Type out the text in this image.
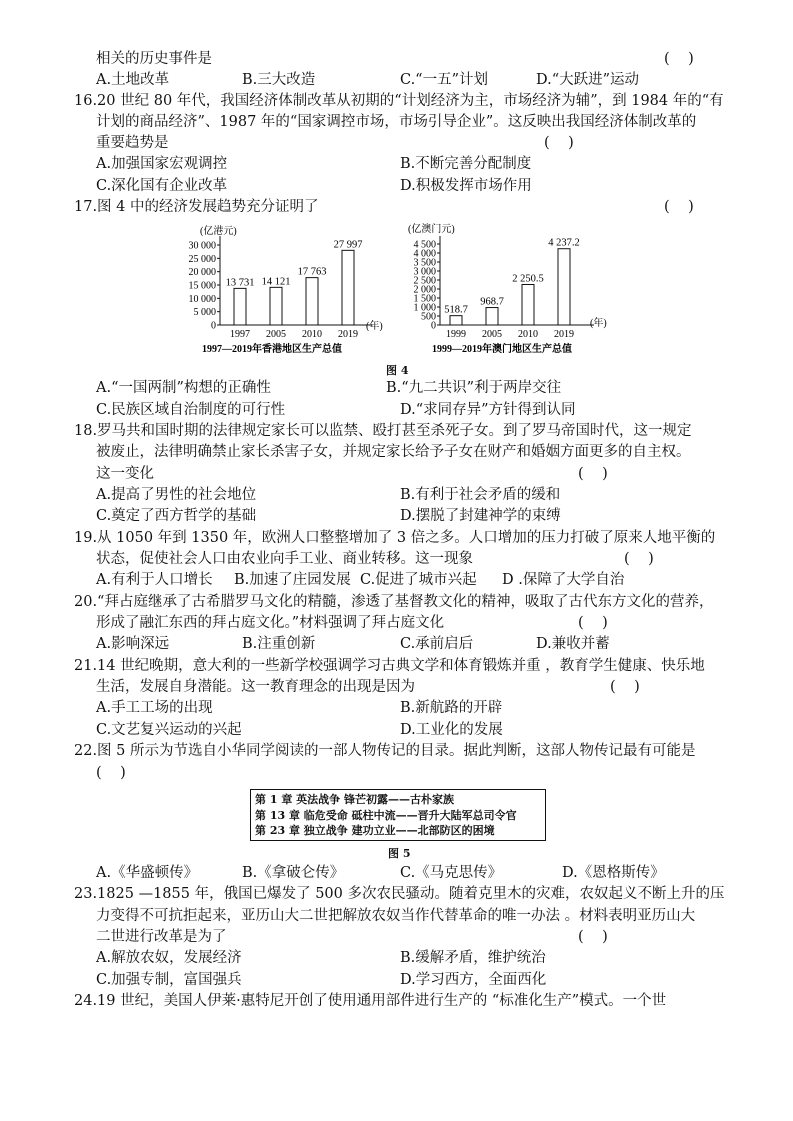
相关的历史事件是	(    )
A.土地改革	B.三大改造	C.“一五”计划	D.“大跃进”运动
16.20 世纪 80 年代，我国经济体制改革从初期的“计划经济为主，市场经济为辅”，到 1984 年的“有
计划的商品经济”、1987 年的“国家调控市场，市场引导企业”。这反映出我国经济体制改革的
重要趋势是	(    )
A.加强国家宏观调控	B.不断完善分配制度
C.深化国有企业改革	D.积极发挥市场作用
17.图 4 中的经济发展趋势充分证明了	(    )
(亿港元)
30 000
25 000
20 000
15 000
10 000
5 000
0
13 731
1997
14 121
2005
17 763
2010
27 997
2019
(年)
1997—2019年香港地区生产总值
(亿澳门元)
4 500
4 000
3 500
3 000
2 500
2 000
1 500
1 000
500
0
518.7
1999
968.7
2005
2 250.5
2010
4 237.2
2019
(年)
1999—2019年澳门地区生产总值
图 4
A.“一国两制”构想的正确性	B.“九二共识”利于两岸交往
C.民族区域自治制度的可行性	D.“求同存异”方针得到认同
18.罗马共和国时期的法律规定家长可以监禁、殴打甚至杀死子女。到了罗马帝国时代，这一规定
被废止，法律明确禁止家长杀害子女，并规定家长给予子女在财产和婚姻方面更多的自主权。
这一变化	(    )
A.提高了男性的社会地位	B.有利于社会矛盾的缓和
C.奠定了西方哲学的基础	D.摆脱了封建神学的束缚
19.从 1050 年到 1350 年，欧洲人口整整增加了 3 倍之多。人口增加的压力打破了原来人地平衡的
状态，促使社会人口由农业向手工业、商业转移。这一现象	(    )
A.有利于人口增长 B.加速了庄园发展 C.促进了城市兴起 D .保障了大学自治
20.“拜占庭继承了古希腊罗马文化的精髓，渗透了基督教文化的精神，吸取了古代东方文化的营养，
形成了融汇东西的拜占庭文化。”材料强调了拜占庭文化	(    )
A.影响深远	B.注重创新	C.承前启后	D.兼收并蓄
21.14 世纪晚期，意大利的一些新学校强调学习古典文学和体育锻炼并重 ，教育学生健康、快乐地
生活，发展自身潜能。这一教育理念的出现是因为	(    )
A.手工工场的出现	B.新航路的开辟
C.文艺复兴运动的兴起	D.工业化的发展
22.图 5 所示为节选自小华同学阅读的一部人物传记的目录。据此判断，这部人物传记最有可能是
(    )
第 1 章 英法战争 锋芒初露——古朴家族
第 13 章 临危受命 砥柱中流——晋升大陆军总司令官
第 23 章 独立战争 建功立业——北部防区的困境
图 5
A.《华盛顿传》	B.《拿破仑传》	C.《马克思传》	D.《恩格斯传》
23.1825 —1855 年，俄国已爆发了 500 多次农民骚动。随着克里木的灾难，农奴起义不断上升的压
力变得不可抗拒起来，亚历山大二世把解放农奴当作代替革命的唯一办法 。材料表明亚历山大
二世进行改革是为了	(    )
A.解放农奴，发展经济	B.缓解矛盾，维护统治
C.加强专制，富国强兵	D.学习西方，全面西化
24.19 世纪，美国人伊莱·惠特尼开创了使用通用部件进行生产的 “标准化生产”模式。一个世
